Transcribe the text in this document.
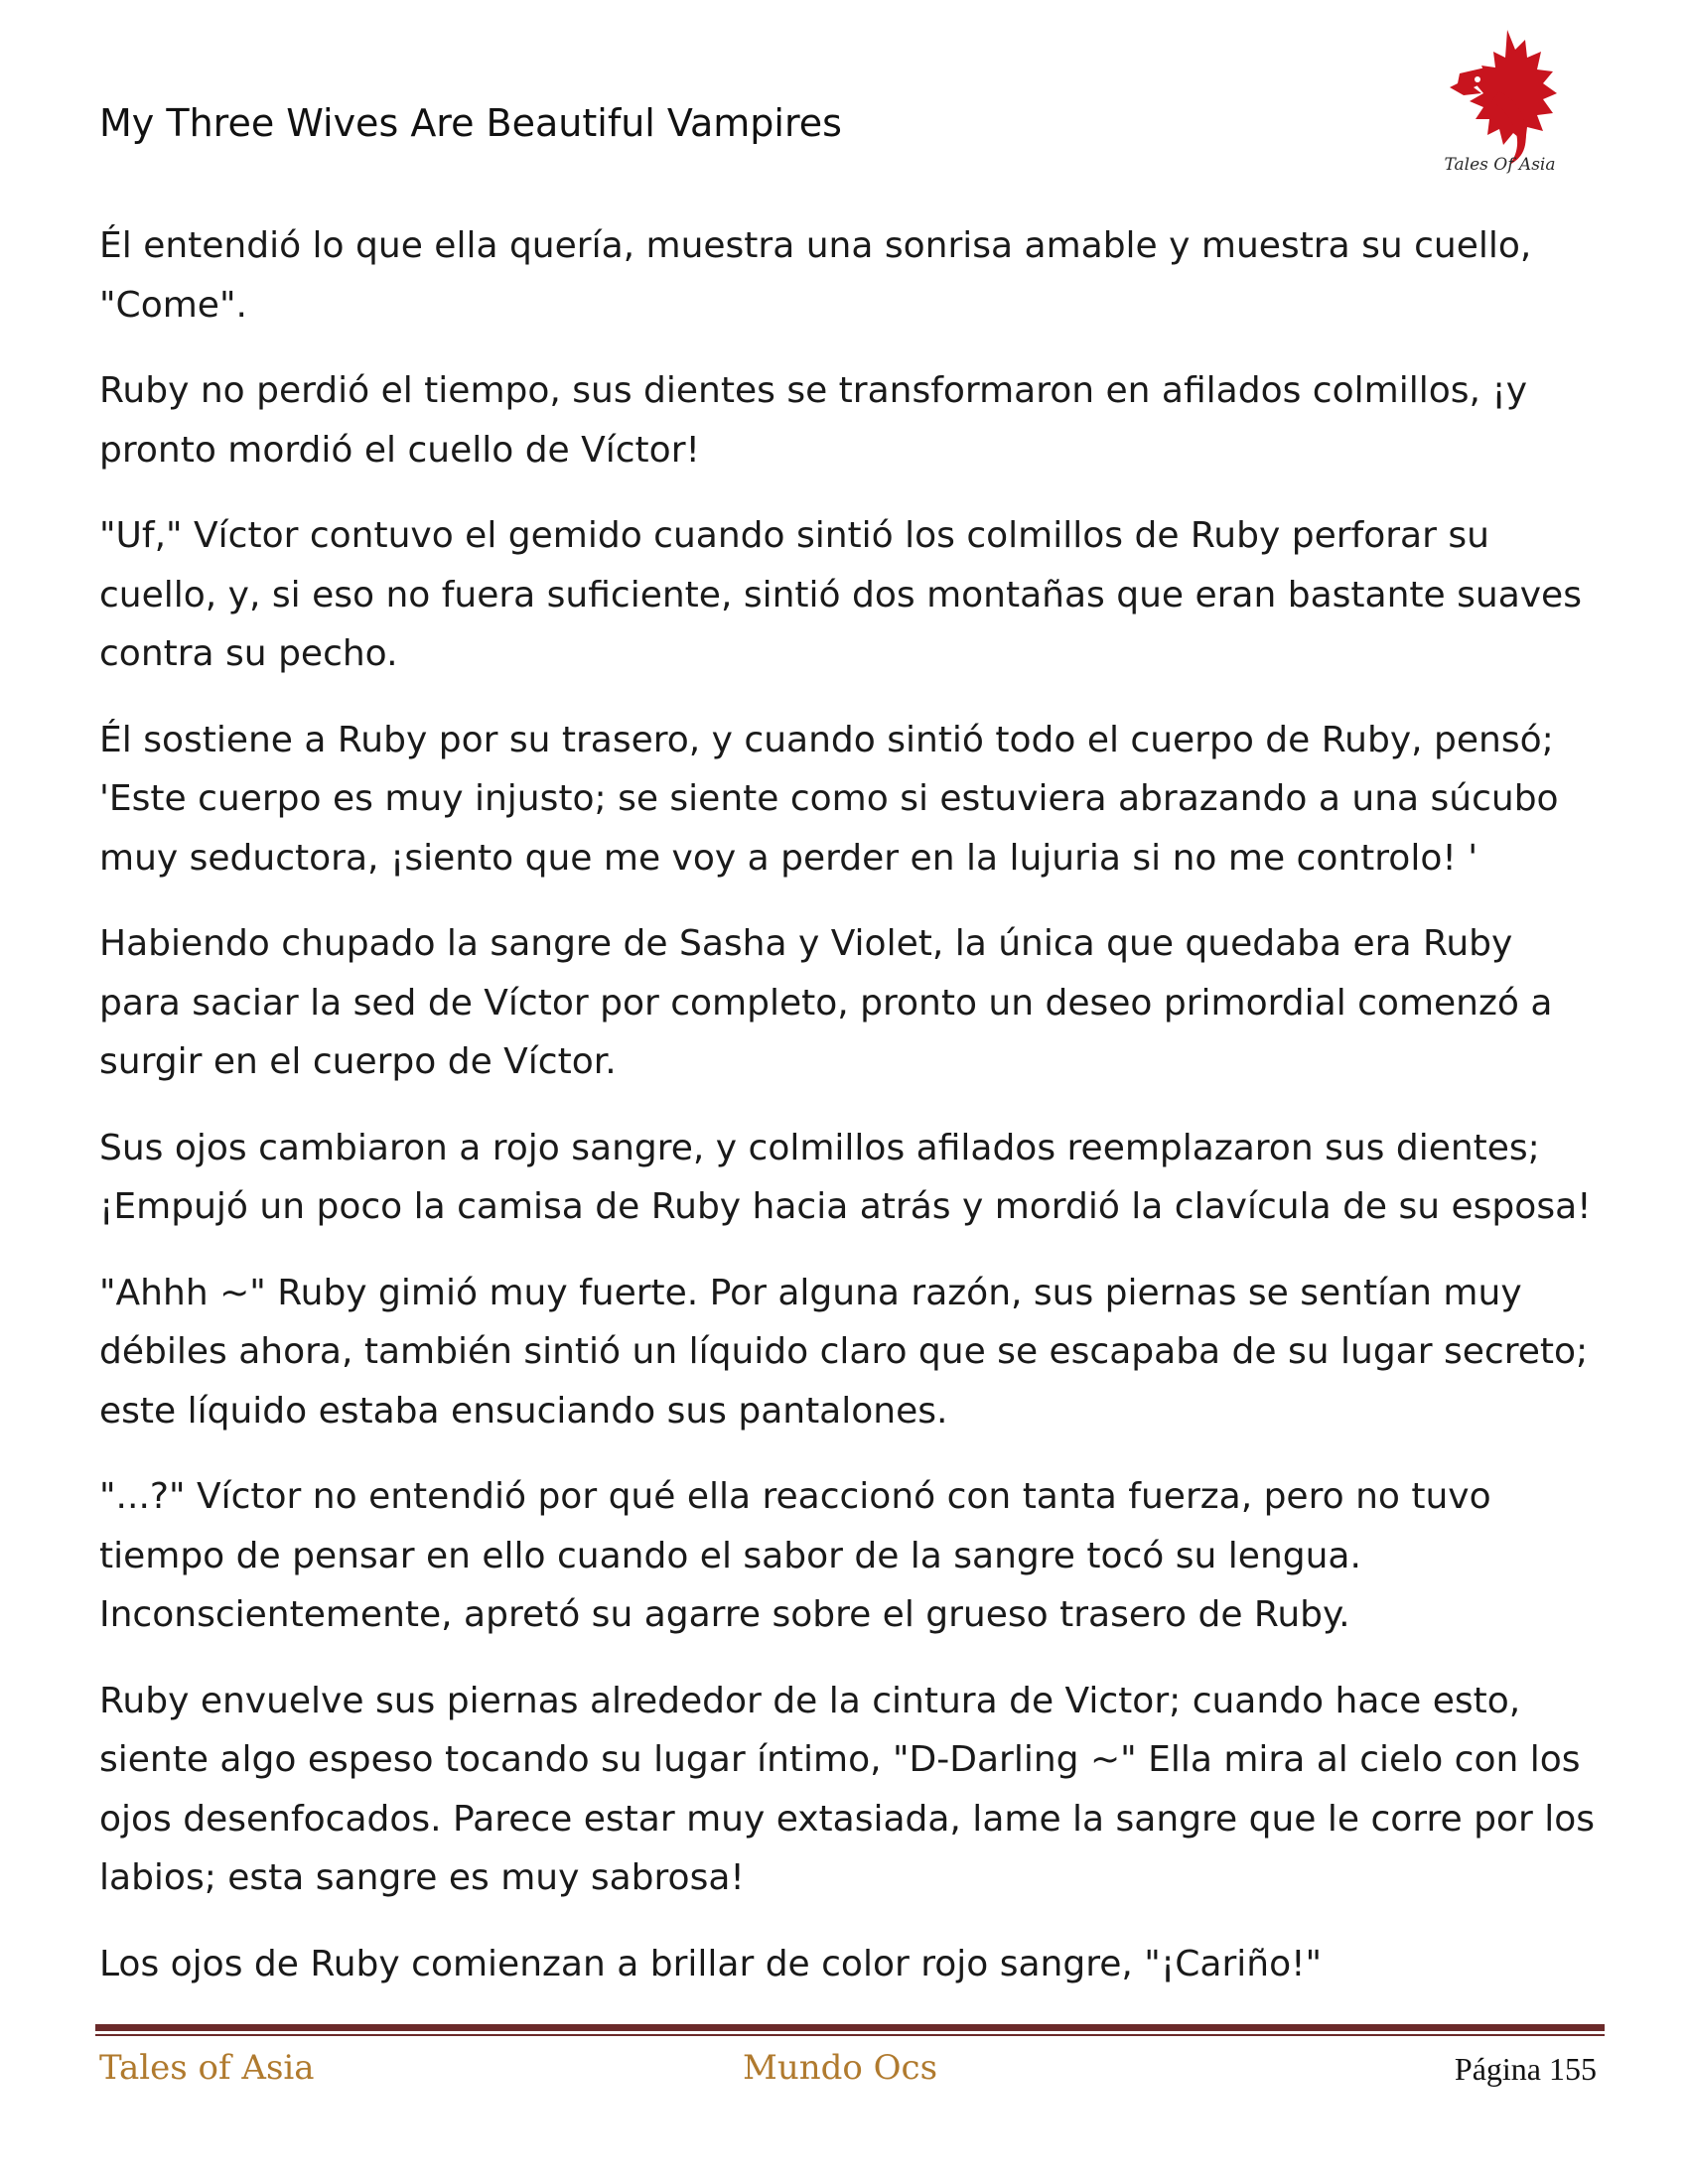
My Three Wives Are Beautiful Vampires
Tales Of Asia

Él entendió lo que ella quería, muestra una sonrisa amable y muestra su cuello, "Come".

Ruby no perdió el tiempo, sus dientes se transformaron en afilados colmillos, ¡y pronto mordió el cuello de Víctor!

"Uf," Víctor contuvo el gemido cuando sintió los colmillos de Ruby perforar su cuello, y, si eso no fuera suficiente, sintió dos montañas que eran bastante suaves contra su pecho.

Él sostiene a Ruby por su trasero, y cuando sintió todo el cuerpo de Ruby, pensó; 'Este cuerpo es muy injusto; se siente como si estuviera abrazando a una súcubo muy seductora, ¡siento que me voy a perder en la lujuria si no me controlo! '

Habiendo chupado la sangre de Sasha y Violet, la única que quedaba era Ruby para saciar la sed de Víctor por completo, pronto un deseo primordial comenzó a surgir en el cuerpo de Víctor.

Sus ojos cambiaron a rojo sangre, y colmillos afilados reemplazaron sus dientes; ¡Empujó un poco la camisa de Ruby hacia atrás y mordió la clavícula de su esposa!

"Ahhh ~" Ruby gimió muy fuerte. Por alguna razón, sus piernas se sentían muy débiles ahora, también sintió un líquido claro que se escapaba de su lugar secreto; este líquido estaba ensuciando sus pantalones.

"...?" Víctor no entendió por qué ella reaccionó con tanta fuerza, pero no tuvo tiempo de pensar en ello cuando el sabor de la sangre tocó su lengua. Inconscientemente, apretó su agarre sobre el grueso trasero de Ruby.

Ruby envuelve sus piernas alrededor de la cintura de Victor; cuando hace esto, siente algo espeso tocando su lugar íntimo, "D-Darling ~" Ella mira al cielo con los ojos desenfocados. Parece estar muy extasiada, lame la sangre que le corre por los labios; esta sangre es muy sabrosa!

Los ojos de Ruby comienzan a brillar de color rojo sangre, "¡Cariño!"

Tales of Asia	Mundo Ocs	Página 155
